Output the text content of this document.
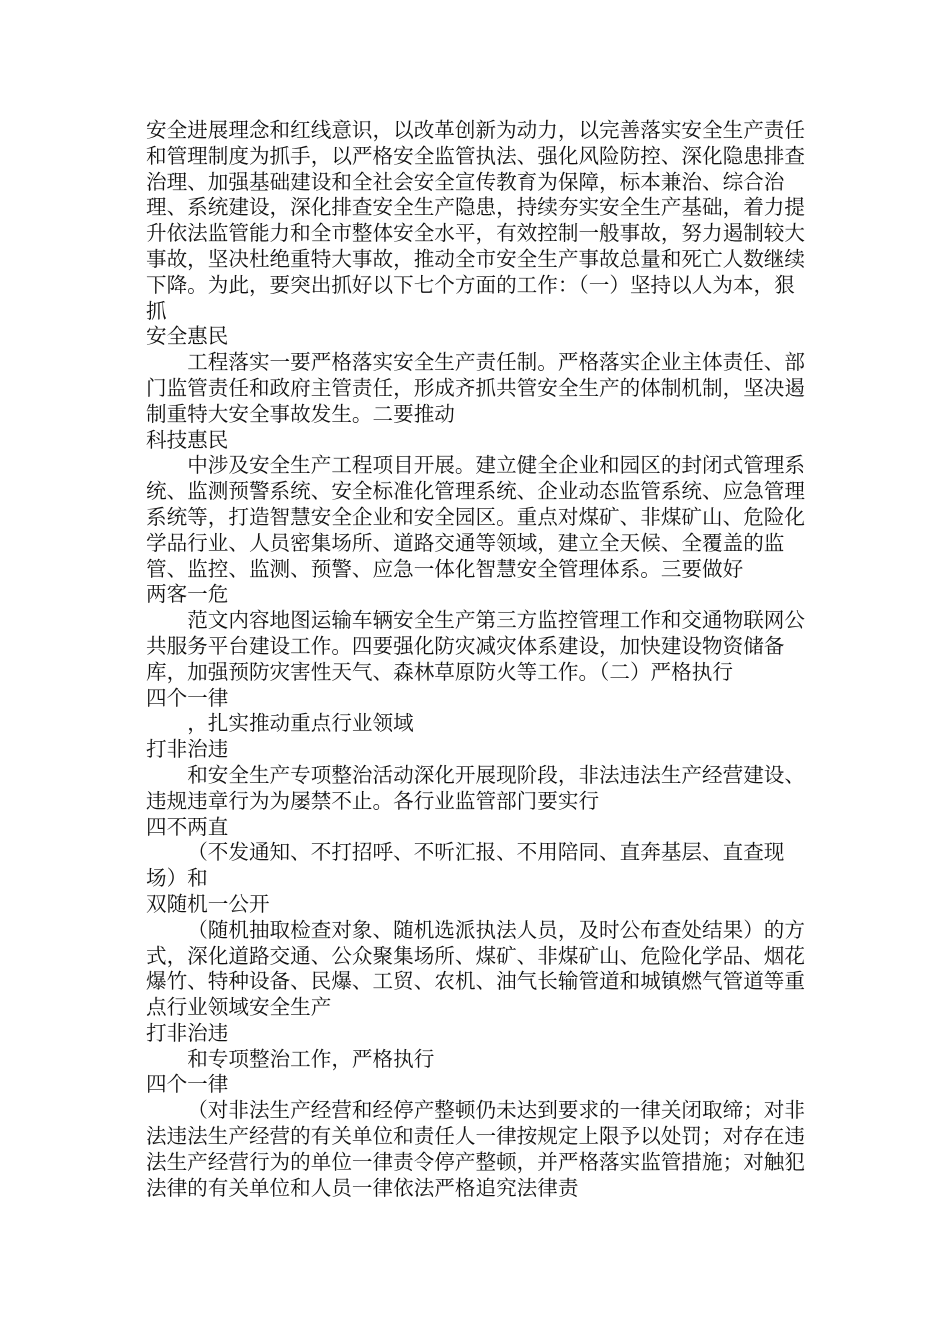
安全进展理念和红线意识，以改革创新为动力，以完善落实安全生产责任和管理制度为抓手，以严格安全监管执法、强化风险防控、深化隐患排查治理、加强基础建设和全社会安全宣传教育为保障，标本兼治、综合治理、系统建设，深化排查安全生产隐患，持续夯实安全生产基础，着力提升依法监管能力和全市整体安全水平，有效控制一般事故，努力遏制较大事故，坚决杜绝重特大事故，推动全市安全生产事故总量和死亡人数继续下降。为此，要突出抓好以下七个方面的工作：（一）坚持以人为本，狠抓

安全惠民

工程落实一要严格落实安全生产责任制。严格落实企业主体责任、部门监管责任和政府主管责任，形成齐抓共管安全生产的体制机制，坚决遏制重特大安全事故发生。二要推动

科技惠民

中涉及安全生产工程项目开展。建立健全企业和园区的封闭式管理系统、监测预警系统、安全标准化管理系统、企业动态监管系统、应急管理系统等，打造智慧安全企业和安全园区。重点对煤矿、非煤矿山、危险化学品行业、人员密集场所、道路交通等领域，建立全天候、全覆盖的监管、监控、监测、预警、应急一体化智慧安全管理体系。三要做好

两客一危

范文内容地图运输车辆安全生产第三方监控管理工作和交通物联网公共服务平台建设工作。四要强化防灾减灾体系建设，加快建设物资储备库，加强预防灾害性天气、森林草原防火等工作。（二）严格执行

四个一律

，扎实推动重点行业领域

打非治违

和安全生产专项整治活动深化开展现阶段，非法违法生产经营建设、违规违章行为为屡禁不止。各行业监管部门要实行

四不两直

（不发通知、不打招呼、不听汇报、不用陪同、直奔基层、直查现场）和

双随机一公开

（随机抽取检查对象、随机选派执法人员，及时公布查处结果）的方式，深化道路交通、公众聚集场所、煤矿、非煤矿山、危险化学品、烟花爆竹、特种设备、民爆、工贸、农机、油气长输管道和城镇燃气管道等重点行业领域安全生产

打非治违

和专项整治工作，严格执行

四个一律

（对非法生产经营和经停产整顿仍未达到要求的一律关闭取缔；对非法违法生产经营的有关单位和责任人一律按规定上限予以处罚；对存在违法生产经营行为的单位一律责令停产整顿，并严格落实监管措施；对触犯法律的有关单位和人员一律依法严格追究法律责
